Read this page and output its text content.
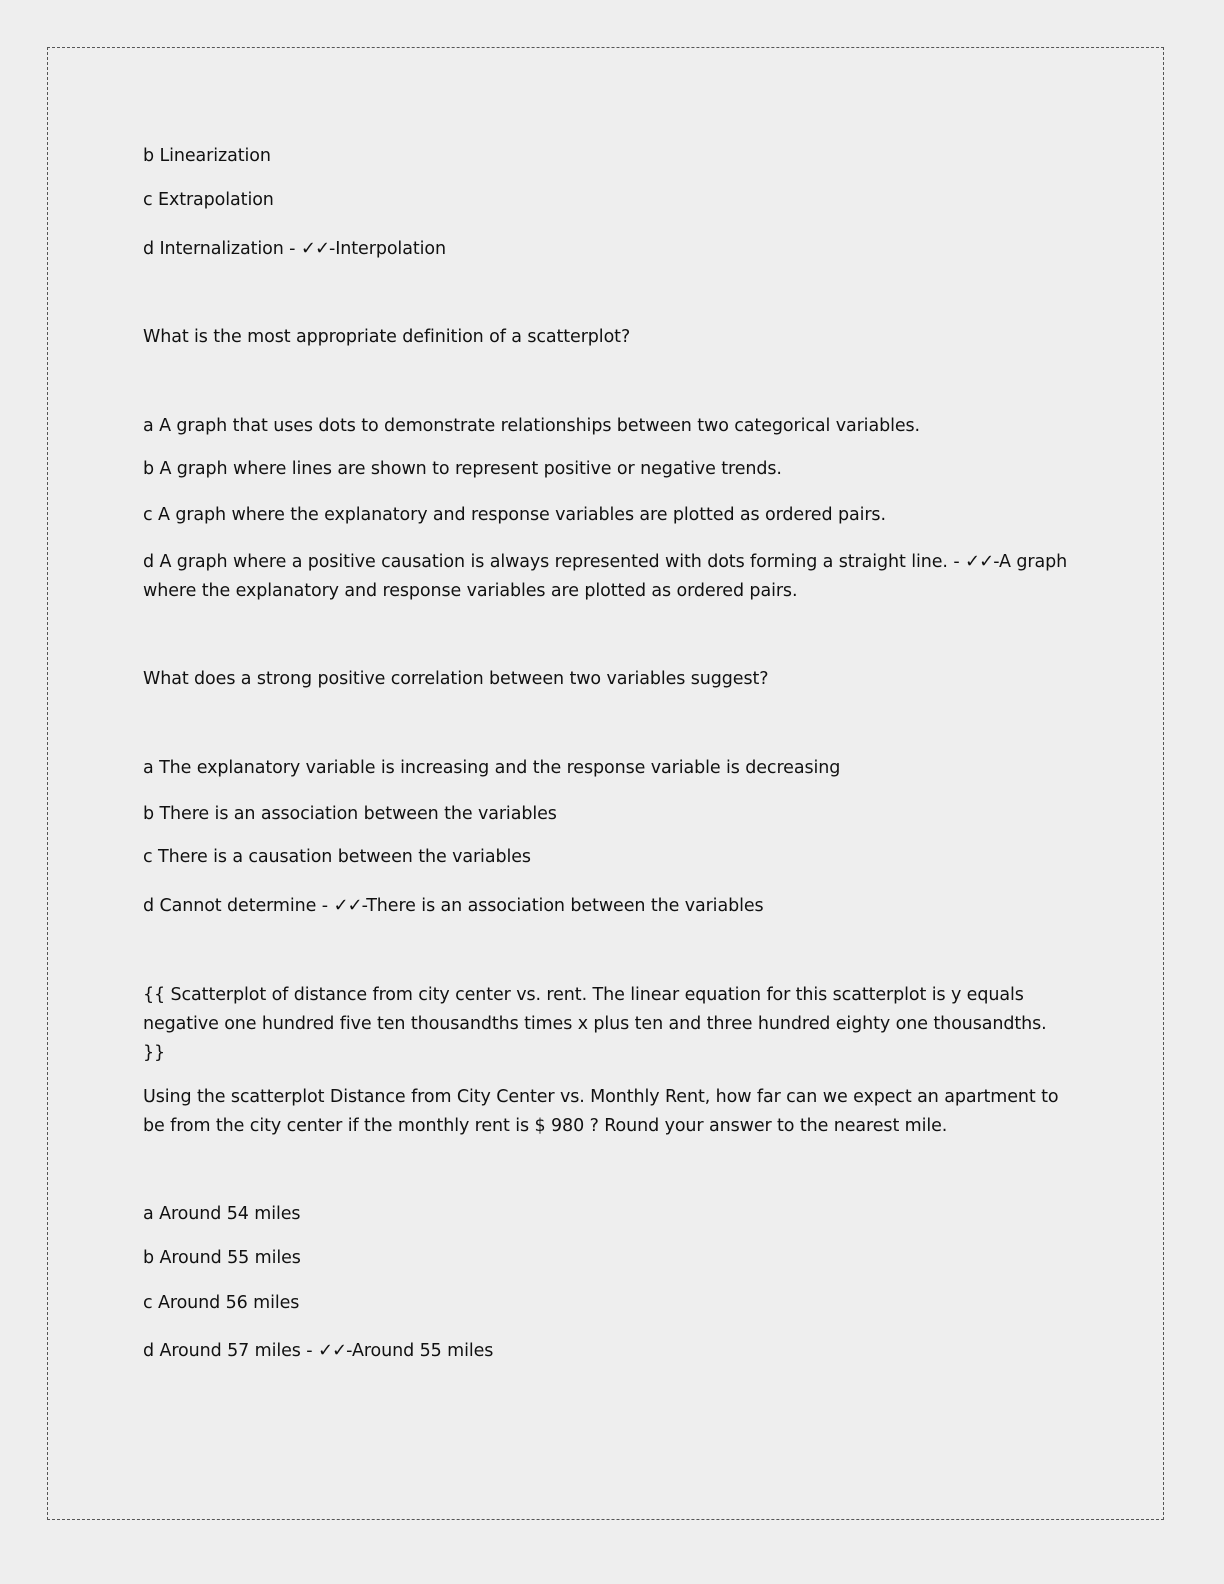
b Linearization
c Extrapolation
d Internalization - ✓✓-Interpolation
What is the most appropriate definition of a scatterplot?
a A graph that uses dots to demonstrate relationships between two categorical variables.
b A graph where lines are shown to represent positive or negative trends.
c A graph where the explanatory and response variables are plotted as ordered pairs.
d A graph where a positive causation is always represented with dots forming a straight line. - ✓✓-A graph where the explanatory and response variables are plotted as ordered pairs.
What does a strong positive correlation between two variables suggest?
a The explanatory variable is increasing and the response variable is decreasing
b There is an association between the variables
c There is a causation between the variables
d Cannot determine - ✓✓-There is an association between the variables
{{ Scatterplot of distance from city center vs. rent. The linear equation for this scatterplot is y equals negative one hundred five ten thousandths times x plus ten and three hundred eighty one thousandths. }}
Using the scatterplot Distance from City Center vs. Monthly Rent, how far can we expect an apartment to be from the city center if the monthly rent is $ 980 ? Round your answer to the nearest mile.
a Around 54 miles
b Around 55 miles
c Around 56 miles
d Around 57 miles - ✓✓-Around 55 miles
